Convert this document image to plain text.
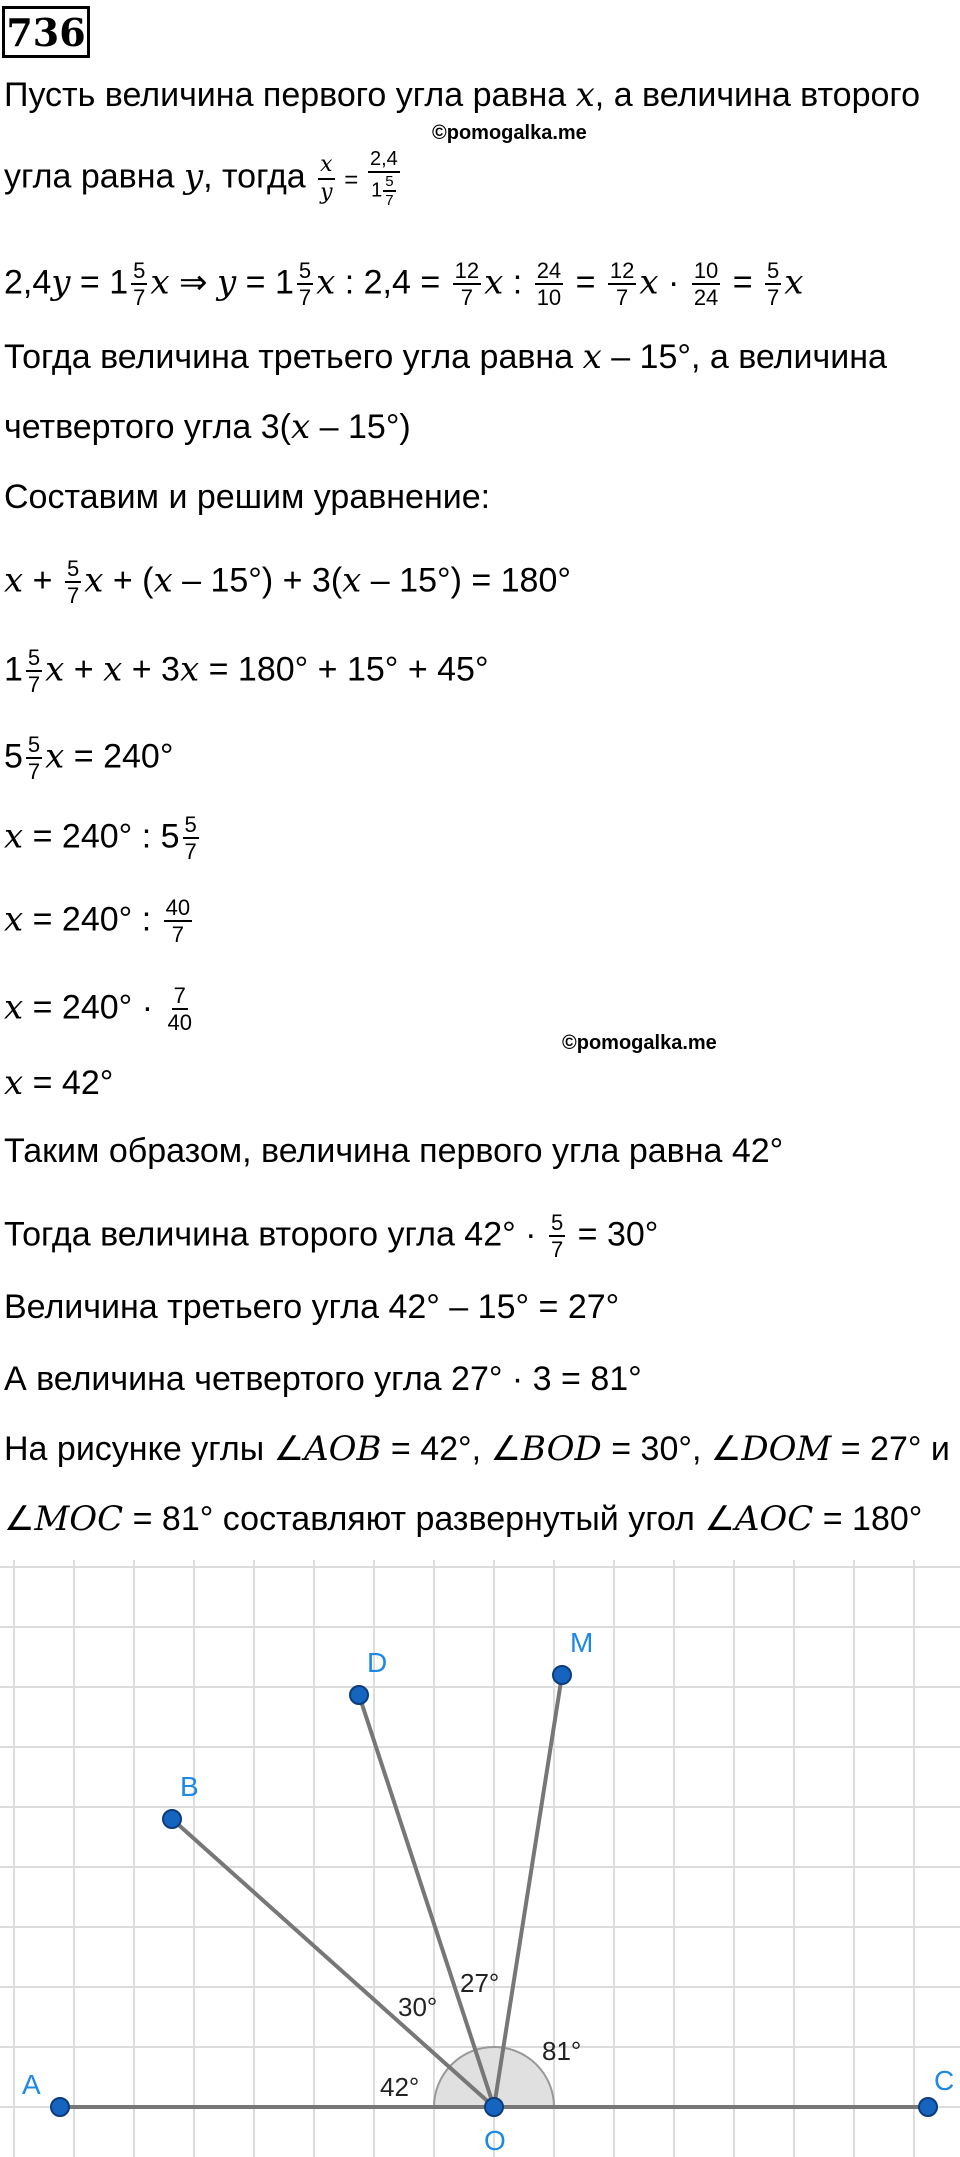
736
Пусть величина первого угла равна x, а величина второго
©pomogalka.me
угла равна y, тогда $\frac{x}{y} = \frac{2,4}{1 \frac{5}{7}}$
$2,4y = 1 \frac{5}{7}$ x ⇒ $y = 1 \frac{5}{7}$ x : $2,4 = \frac{12}{7}$ x : $\frac{24}{10} = \frac{12}{7}$ $x \cdot \frac{10}{24} = \frac{5}{7}$ x
Тогда величина третьего угла равна x – 15°, а величина
четвертого угла 3(x – 15°)
Составим и решим уравнение:
$x + \frac{5}{7}$ x + (x – 15°) + 3(x – 15°) = 180°
$1 \frac{5}{7}$ x + x + 3x = 180° + 15° + 45°
$5 \frac{5}{7}$ x = 240°
x = 240° : $5 \frac{5}{7}$
x = 240° : $\frac{40}{7}$
$x = 240^\circ \cdot \frac{7}{40}$
©pomogalka.me
x = 42°
Таким образом, величина первого угла равна 42°
Тогда величина второго угла $42^\circ \cdot \frac{5}{7} = 30^\circ$
Величина третьего угла 42° – 15° = 27°
А величина четвертого угла 27° · 3 = 81°
На рисунке углы ∠AOB = 42°, ∠BOD = 30°, ∠DOM = 27° и
∠MOC = 81° составляют развернутый угол ∠AOC = 180°
A
B
D
M
O
C
42°
30°
27°
81°
